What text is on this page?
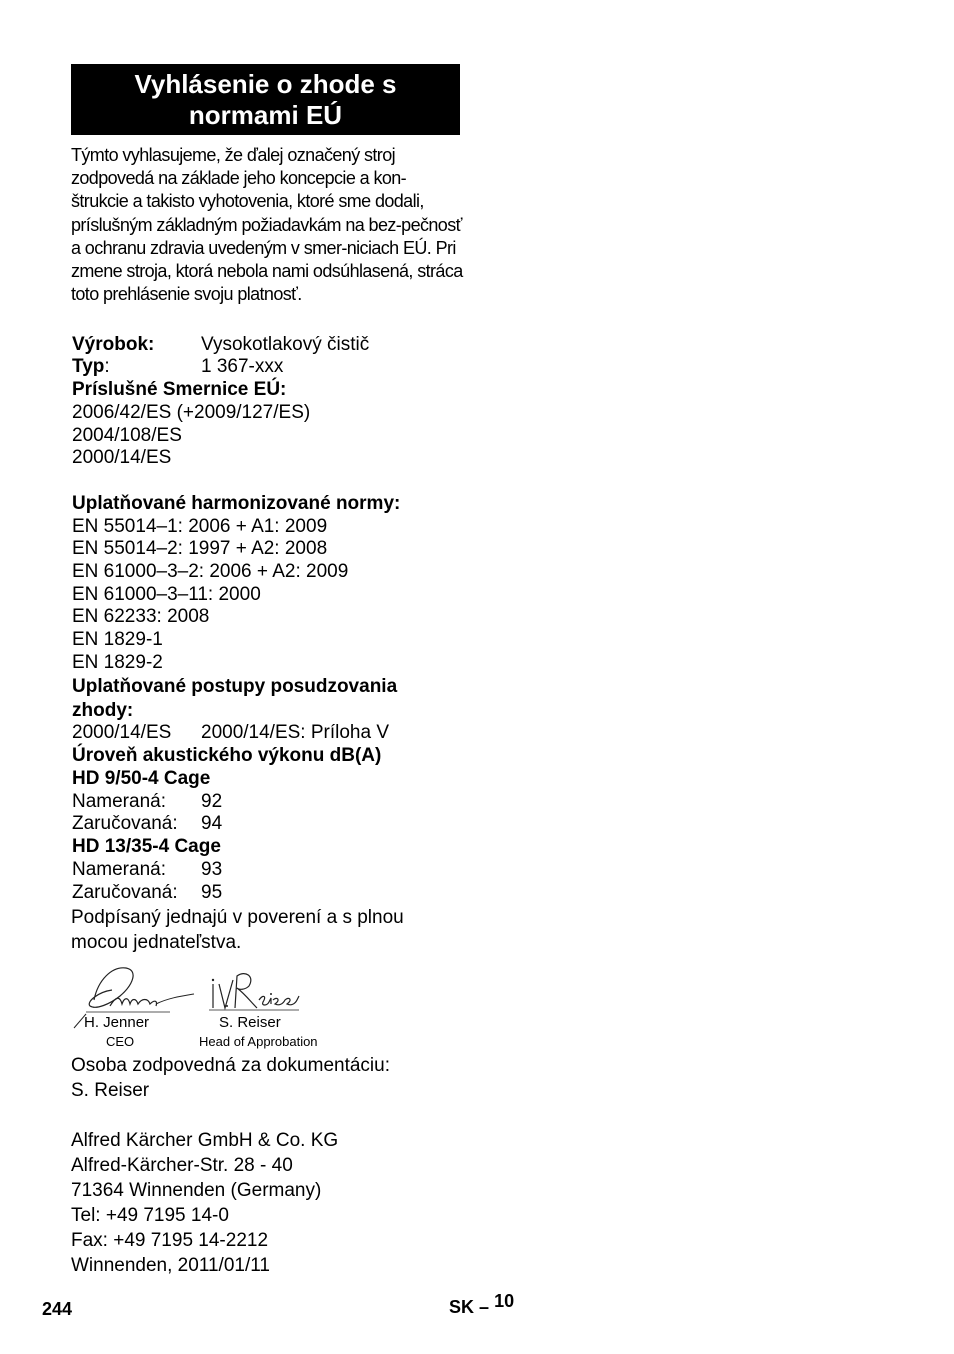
Vyhlásenie o zhode s normami EÚ
Týmto vyhlasujeme, že ďalej označený stroj zodpovedá na základe jeho koncepcie a kon-štrukcie a takisto vyhotovenia, ktoré sme dodali, príslušným základným požiadavkám na bez-pečnosť a ochranu zdravia uvedeným v smer-niciach EÚ. Pri zmene stroja, ktorá nebola nami odsúhlasená, stráca toto prehlásenie svoju platnosť.
Výrobok: Vysokotlakový čistič
Typ:	1 367-xxx
Príslušné Smernice EÚ:
2006/42/ES (+2009/127/ES)
2004/108/ES
2000/14/ES
Uplatňované harmonizované normy:
EN 55014–1: 2006 + A1: 2009
EN 55014–2: 1997 + A2: 2008
EN 61000–3–2: 2006 + A2: 2009
EN 61000–3–11: 2000
EN 62233: 2008
EN 1829-1
EN 1829-2
Uplatňované postupy posudzovania
zhody:
2000/14/ES 2000/14/ES: Príloha V
Úroveň akustického výkonu dB(A)
HD 9/50-4 Cage
Nameraná: 92
Zaručovaná: 94
HD 13/35-4 Cage
Nameraná: 93
Zaručovaná: 95
Podpísaný jednajú v poverení a s plnou
mocou jednateľstva.
H. Jenner	S. Reiser
CEO	Head of Approbation
Osoba zodpovedná za dokumentáciu:
S. Reiser
Alfred Kärcher GmbH & Co. KG
Alfred-Kärcher-Str. 28 - 40
71364 Winnenden (Germany)
Tel: +49 7195 14-0
Fax: +49 7195 14-2212
Winnenden, 2011/01/11
244	SK – 10
